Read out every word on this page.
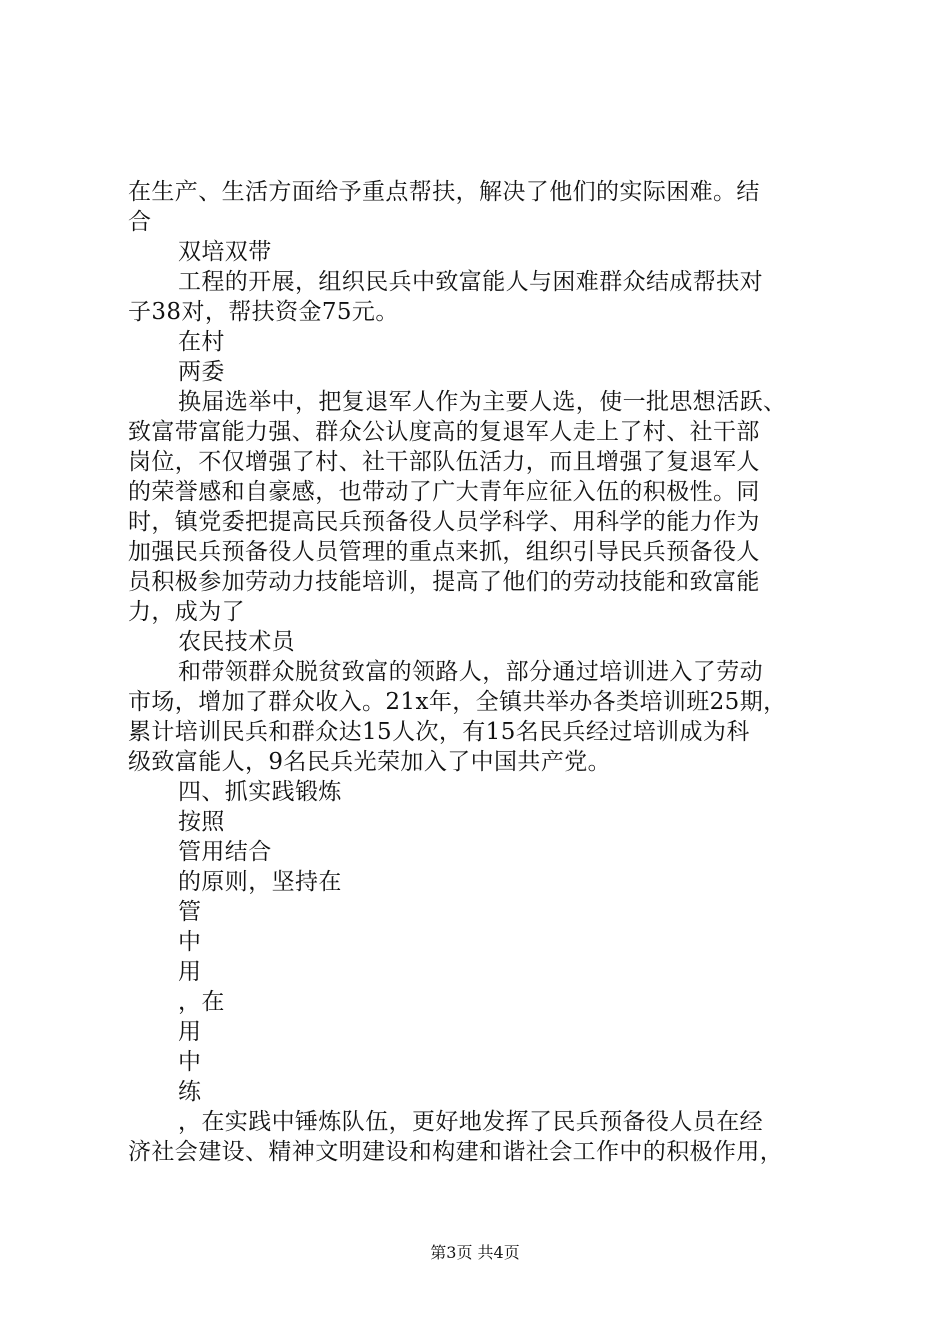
在生产、生活方面给予重点帮扶，解决了他们的实际困难。结
合
双培双带
工程的开展，组织民兵中致富能人与困难群众结成帮扶对
子38对，帮扶资金75元。
在村
两委
换届选举中，把复退军人作为主要人选，使一批思想活跃、
致富带富能力强、群众公认度高的复退军人走上了村、社干部
岗位，不仅增强了村、社干部队伍活力，而且增强了复退军人
的荣誉感和自豪感，也带动了广大青年应征入伍的积极性。同
时，镇党委把提高民兵预备役人员学科学、用科学的能力作为
加强民兵预备役人员管理的重点来抓，组织引导民兵预备役人
员积极参加劳动力技能培训，提高了他们的劳动技能和致富能
力，成为了
农民技术员
和带领群众脱贫致富的领路人，部分通过培训进入了劳动
市场，增加了群众收入。21x年，全镇共举办各类培训班25期，
累计培训民兵和群众达15人次，有15名民兵经过培训成为科
级致富能人，9名民兵光荣加入了中国共产党。
四、抓实践锻炼
按照
管用结合
的原则，坚持在
管
中
用
，在
用
中
练
，在实践中锤炼队伍，更好地发挥了民兵预备役人员在经
济社会建设、精神文明建设和构建和谐社会工作中的积极作用，
第3页 共4页
